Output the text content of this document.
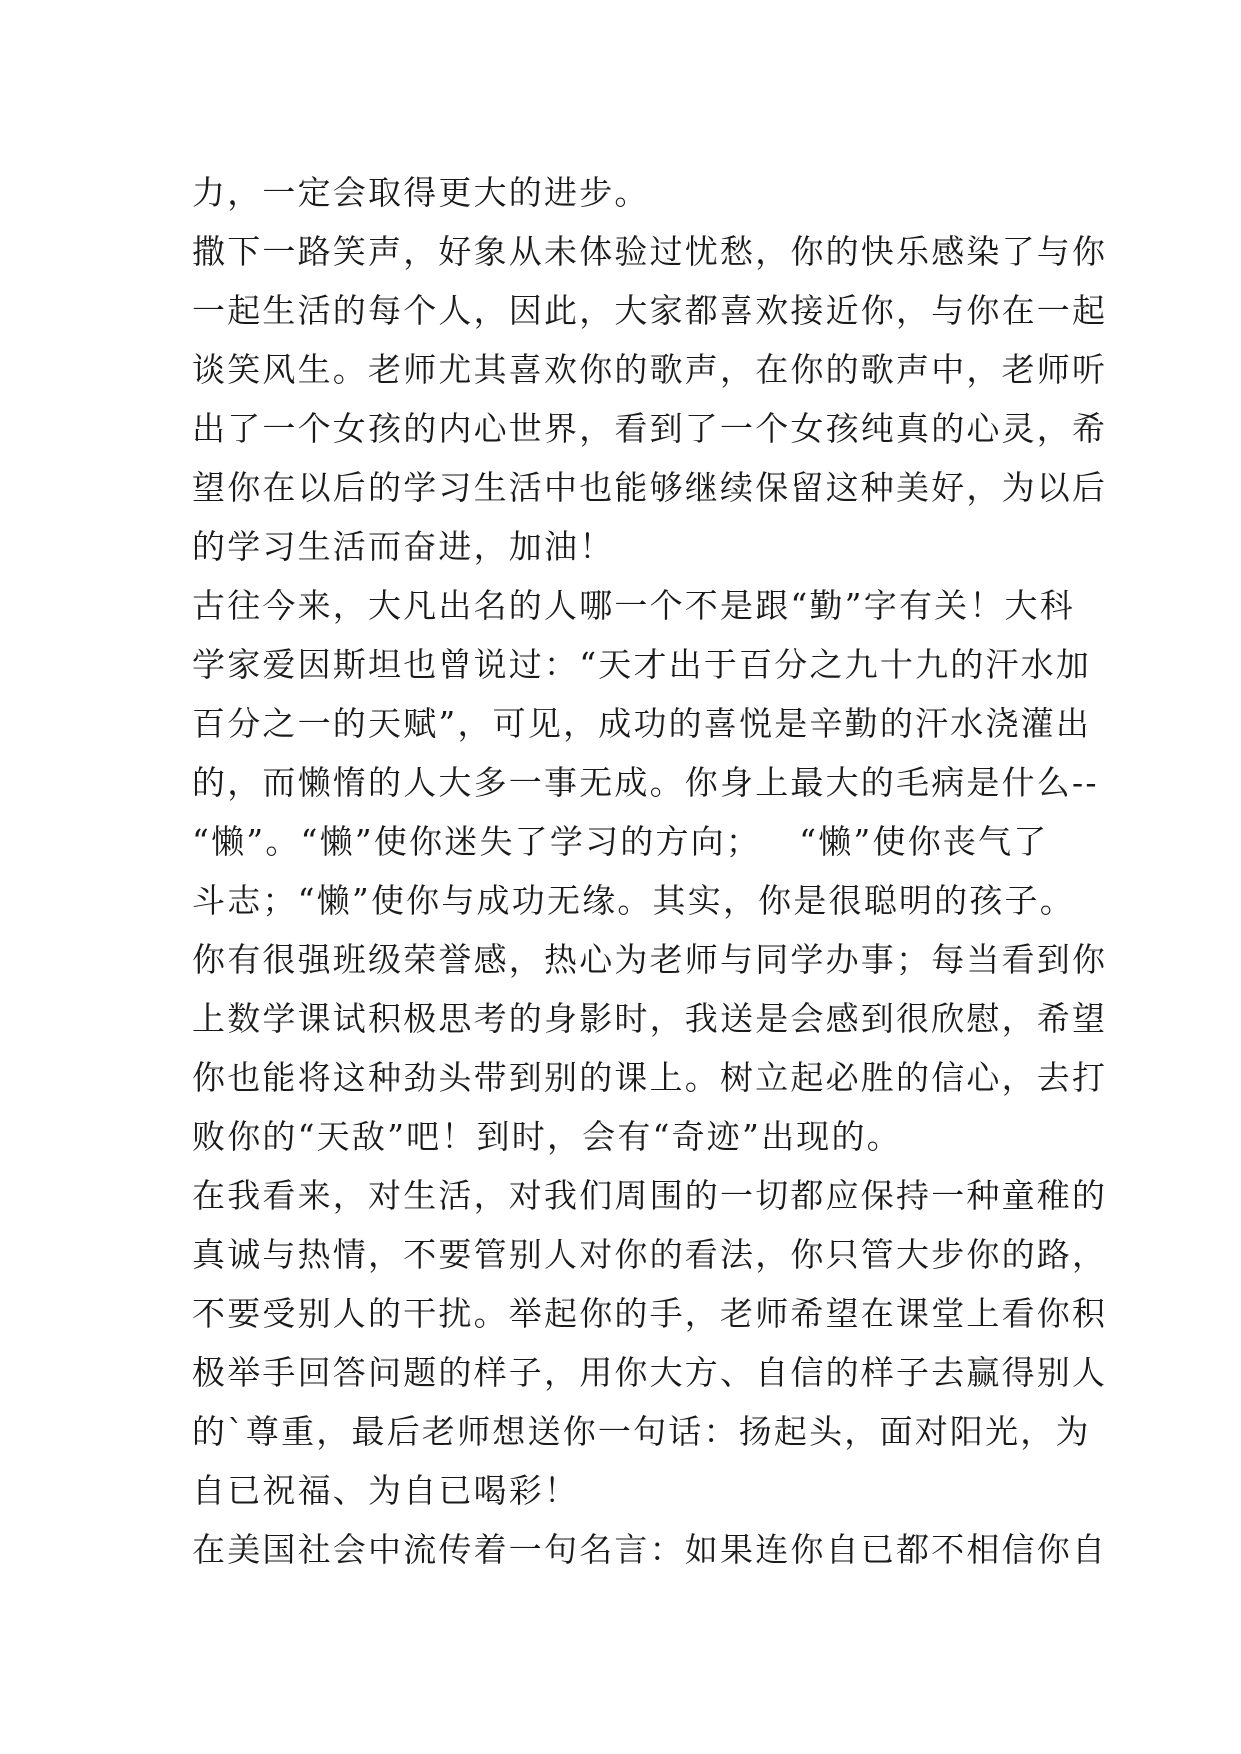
力，一定会取得更大的进步。
撒下一路笑声，好象从未体验过忧愁，你的快乐感染了与你
一起生活的每个人，因此，大家都喜欢接近你，与你在一起
谈笑风生。老师尤其喜欢你的歌声，在你的歌声中，老师听
出了一个女孩的内心世界，看到了一个女孩纯真的心灵，希
望你在以后的学习生活中也能够继续保留这种美好，为以后
的学习生活而奋进，加油！
古往今来，大凡出名的人哪一个不是跟“勤”字有关！大科
学家爱因斯坦也曾说过：“天才出于百分之九十九的汗水加
百分之一的天赋”，可见，成功的喜悦是辛勤的汗水浇灌出
的，而懒惰的人大多一事无成。你身上最大的毛病是什么--
“懒”。“懒”使你迷失了学习的方向；   “懒”使你丧气了
斗志；“懒”使你与成功无缘。其实，你是很聪明的孩子。
你有很强班级荣誉感，热心为老师与同学办事；每当看到你
上数学课试积极思考的身影时，我送是会感到很欣慰，希望
你也能将这种劲头带到别的课上。树立起必胜的信心，去打
败你的“天敌”吧！到时，会有“奇迹”出现的。
在我看来，对生活，对我们周围的一切都应保持一种童稚的
真诚与热情，不要管别人对你的看法，你只管大步你的路，
不要受别人的干扰。举起你的手，老师希望在课堂上看你积
极举手回答问题的样子，用你大方、自信的样子去赢得别人
的`尊重，最后老师想送你一句话：扬起头，面对阳光，为
自已祝福、为自已喝彩！
在美国社会中流传着一句名言：如果连你自已都不相信你自
